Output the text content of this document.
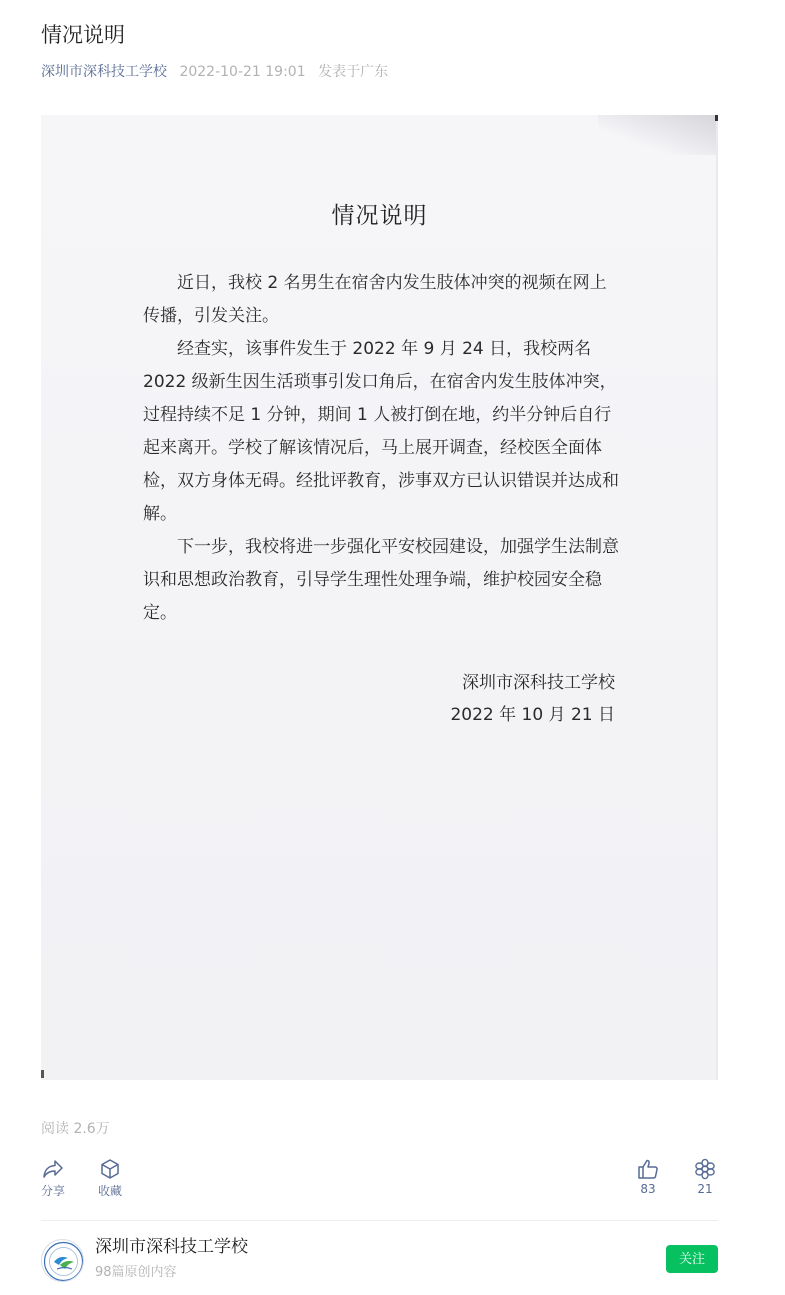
情况说明
深圳市深科技工学校 2022-10-21 19:01 发表于广东
情况说明

近日，我校 2 名男生在宿舍内发生肢体冲突的视频在网上传播，引发关注。

经查实，该事件发生于 2022 年 9 月 24 日，我校两名 2022 级新生因生活琐事引发口角后，在宿舍内发生肢体冲突，过程持续不足 1 分钟，期间 1 人被打倒在地，约半分钟后自行起来离开。学校了解该情况后，马上展开调查，经校医全面体检，双方身体无碍。经批评教育，涉事双方已认识错误并达成和解。

下一步，我校将进一步强化平安校园建设，加强学生法制意识和思想政治教育，引导学生理性处理争端，维护校园安全稳定。

深圳市深科技工学校
2022 年 10 月 21 日
阅读 2.6万
分享	收藏	83	21
深圳市深科技工学校
98篇原创内容
关注
